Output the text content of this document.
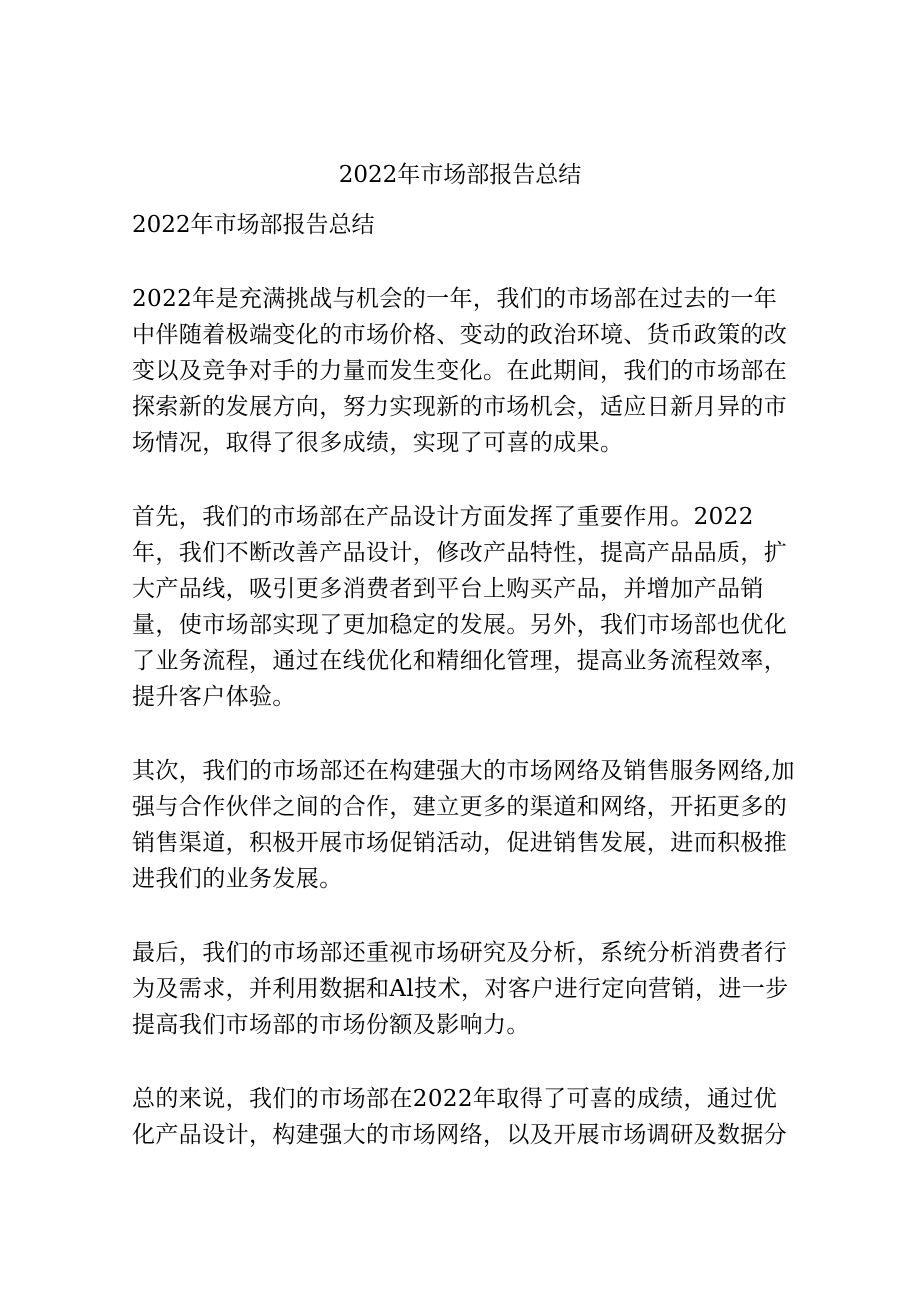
2022年市场部报告总结
2022年市场部报告总结

2022年是充满挑战与机会的一年，我们的市场部在过去的一年中伴随着极端变化的市场价格、变动的政治环境、货币政策的改变以及竞争对手的力量而发生变化。在此期间，我们的市场部在探索新的发展方向，努力实现新的市场机会，适应日新月异的市场情况，取得了很多成绩，实现了可喜的成果。

首先，我们的市场部在产品设计方面发挥了重要作用。2022年，我们不断改善产品设计，修改产品特性，提高产品品质，扩大产品线，吸引更多消费者到平台上购买产品，并增加产品销量，使市场部实现了更加稳定的发展。另外，我们市场部也优化了业务流程，通过在线优化和精细化管理，提高业务流程效率，提升客户体验。

其次，我们的市场部还在构建强大的市场网络及销售服务网络,加强与合作伙伴之间的合作，建立更多的渠道和网络，开拓更多的销售渠道，积极开展市场促销活动，促进销售发展，进而积极推进我们的业务发展。

最后，我们的市场部还重视市场研究及分析，系统分析消费者行为及需求，并利用数据和Al技术，对客户进行定向营销，进一步提高我们市场部的市场份额及影响力。

总的来说，我们的市场部在2022年取得了可喜的成绩，通过优化产品设计，构建强大的市场网络，以及开展市场调研及数据分
